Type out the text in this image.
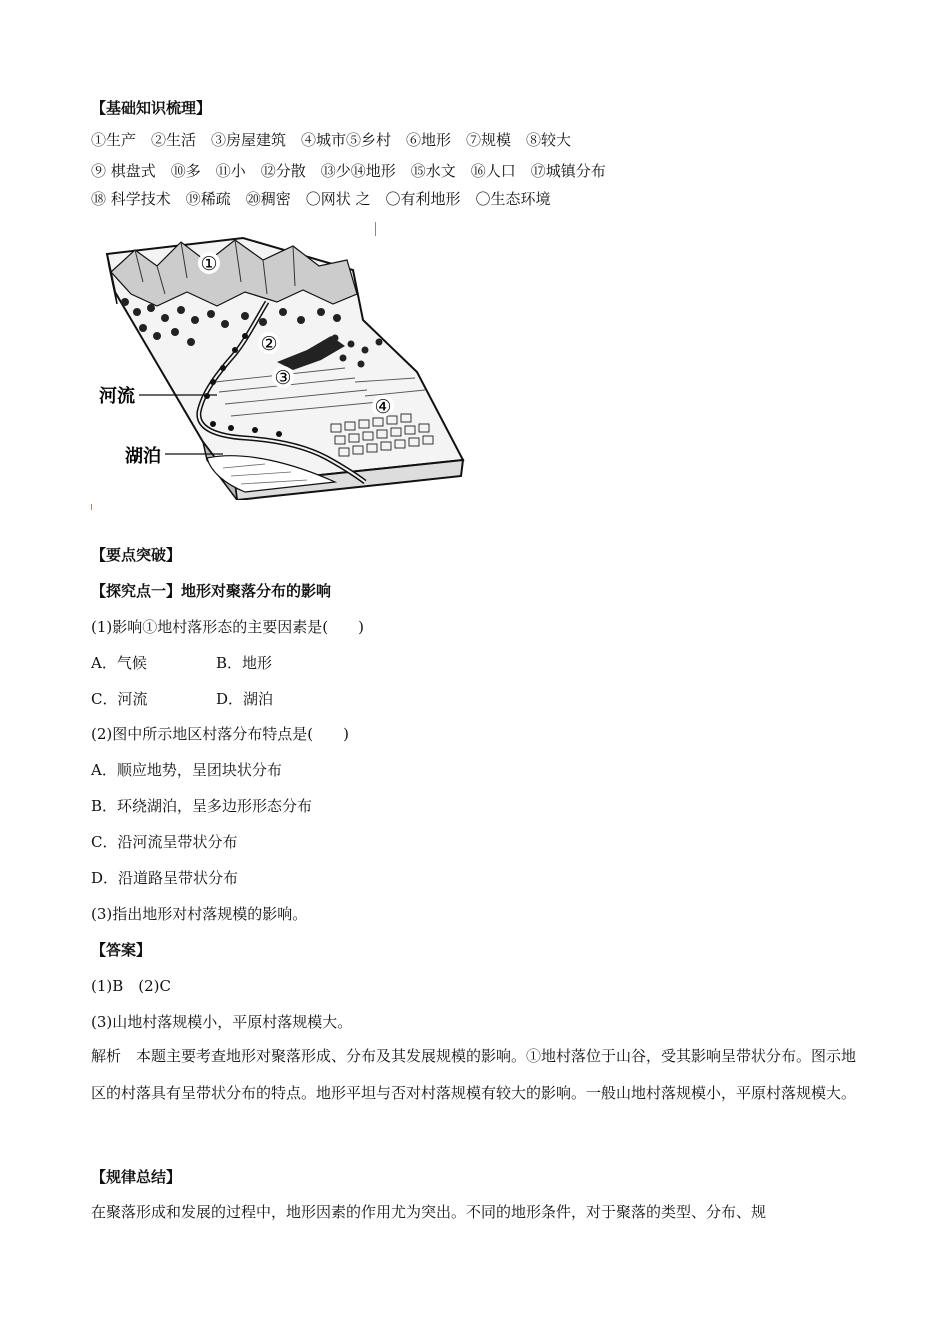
【基础知识梳理】
①生产　②生活　③房屋建筑　④城市⑤乡村　⑥地形　⑦规模　⑧较大
⑨ 棋盘式　⑩多　⑪小　⑫分散　⑬少⑭地形　⑮水文　⑯人口　⑰城镇分布
⑱ 科学技术　⑲稀疏　⑳稠密　〇网状 之　〇有利地形　〇生态环境
①
②
③
④
河流
湖泊
【要点突破】
【探究点一】地形对聚落分布的影响
(1)影响①地村落形态的主要因素是(　　)
A．气候	B．地形
C．河流	D．湖泊
(2)图中所示地区村落分布特点是(　　)
A．顺应地势，呈团块状分布
B．环绕湖泊，呈多边形形态分布
C．沿河流呈带状分布
D．沿道路呈带状分布
(3)指出地形对村落规模的影响。
【答案】
(1)B　(2)C
(3)山地村落规模小，平原村落规模大。
解析　本题主要考查地形对聚落形成、分布及其发展规模的影响。①地村落位于山谷，受其影响呈带状分布。图示地区的村落具有呈带状分布的特点。地形平坦与否对村落规模有较大的影响。一般山地村落规模小，平原村落规模大。
【规律总结】
在聚落形成和发展的过程中，地形因素的作用尤为突出。不同的地形条件，对于聚落的类型、分布、规
